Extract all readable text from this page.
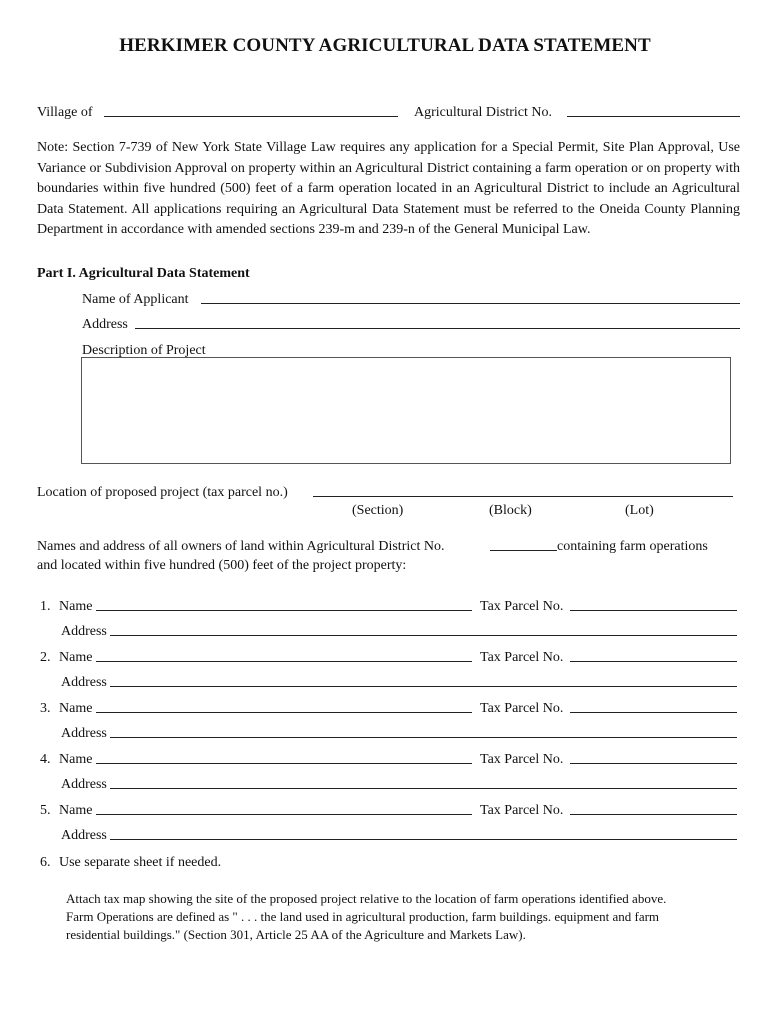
HERKIMER COUNTY AGRICULTURAL DATA STATEMENT
Village of	Agricultural District No.
Note: Section 7-739 of New York State Village Law requires any application for a Special Permit, Site Plan Approval, Use Variance or Subdivision Approval on property within an Agricultural District containing a farm operation or on property with boundaries within five hundred (500) feet of a farm operation located in an Agricultural District to include an Agricultural Data Statement. All applications requiring an Agricultural Data Statement must be referred to the Oneida County Planning Department in accordance with amended sections 239-m and 239-n of the General Municipal Law.
Part I. Agricultural Data Statement
Name of Applicant
Address
Description of Project
Location of proposed project (tax parcel no.)
(Section)	(Block)	(Lot)
Names and address of all owners of land within Agricultural District No.	containing farm operations
and located within five hundred (500) feet of the project property:
1. Name	Tax Parcel No.
Address
2. Name	Tax Parcel No.
Address
3. Name	Tax Parcel No.
Address
4. Name	Tax Parcel No.
Address
5. Name	Tax Parcel No.
Address
6. Use separate sheet if needed.
Attach tax map showing the site of the proposed project relative to the location of farm operations identified above.
Farm Operations are defined as " . . . the land used in agricultural production, farm buildings. equipment and farm
residential buildings." (Section 301, Article 25 AA of the Agriculture and Markets Law).
